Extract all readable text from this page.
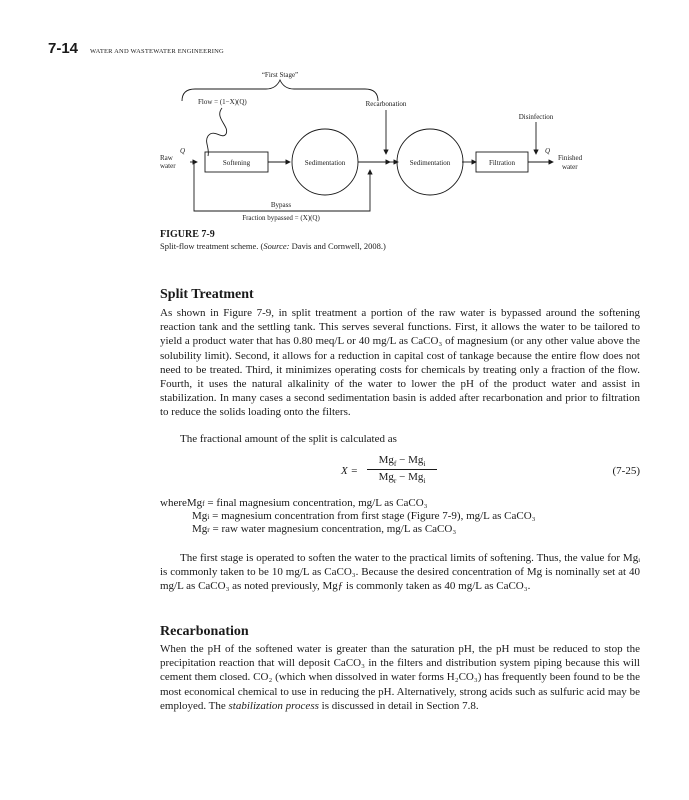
7-14 WATER AND WASTEWATER ENGINEERING
“First Stage”
Flow = (1−X)(Q)	Recarbonation
Disinfection
Q	Q
Raw
water
Finished
water
Softening	Sedimentation	Sedimentation	Filtration
Bypass
Fraction bypassed = (X)(Q)
FIGURE 7-9
Split-flow treatment scheme. (Source: Davis and Cornwell, 2008.)
Split Treatment

As shown in Figure 7-9, in split treatment a portion of the raw water is bypassed around the softening reaction tank and the settling tank. This serves several functions. First, it allows the water to be tailored to yield a product water that has 0.80 meq/L or 40 mg/L as CaCO₃ of magnesium (or any other value above the solubility limit). Second, it allows for a reduction in capital cost of tankage because the entire flow does not need to be treated. Third, it minimizes operating costs for chemicals by treating only a fraction of the flow. Fourth, it uses the natural alkalinity of the water to lower the pH of the product water and assist in stabilization. In many cases a second sedimentation basin is added after recarbonation and prior to filtration to reduce the solids loading onto the filters.

The fractional amount of the split is calculated as

X =
$Mg_f - Mg_i$
$Mg_r - Mg_i$
(7-25)
where Mg f
= final magnesium concentration, mg/L as CaCO₃
Mg i
= magnesium concentration from first stage (Figure 7-9), mg/L as CaCO₃
Mg r
= raw water magnesium concentration, mg/L as CaCO₃

The first stage is operated to soften the water to the practical limits of softening. Thus, the value for Mgᵢ is commonly taken to be 10 mg/L as CaCO₃. Because the desired concentration of Mg is nominally set at 40 mg/L as CaCO₃ as noted previously, Mgƒ is commonly taken as 40 mg/L as CaCO₃.

Recarbonation

When the pH of the softened water is greater than the saturation pH, the pH must be reduced to stop the precipitation reaction that will deposit CaCO₃ in the filters and distribution system piping because this will cement them closed. CO₂ (which when dissolved in water forms H₂CO₃) has frequently been found to be the most economical chemical to use in reducing the pH. Alternatively, strong acids such as sulfuric acid may be employed. The stabilization process is discussed in detail in Section 7.8.
